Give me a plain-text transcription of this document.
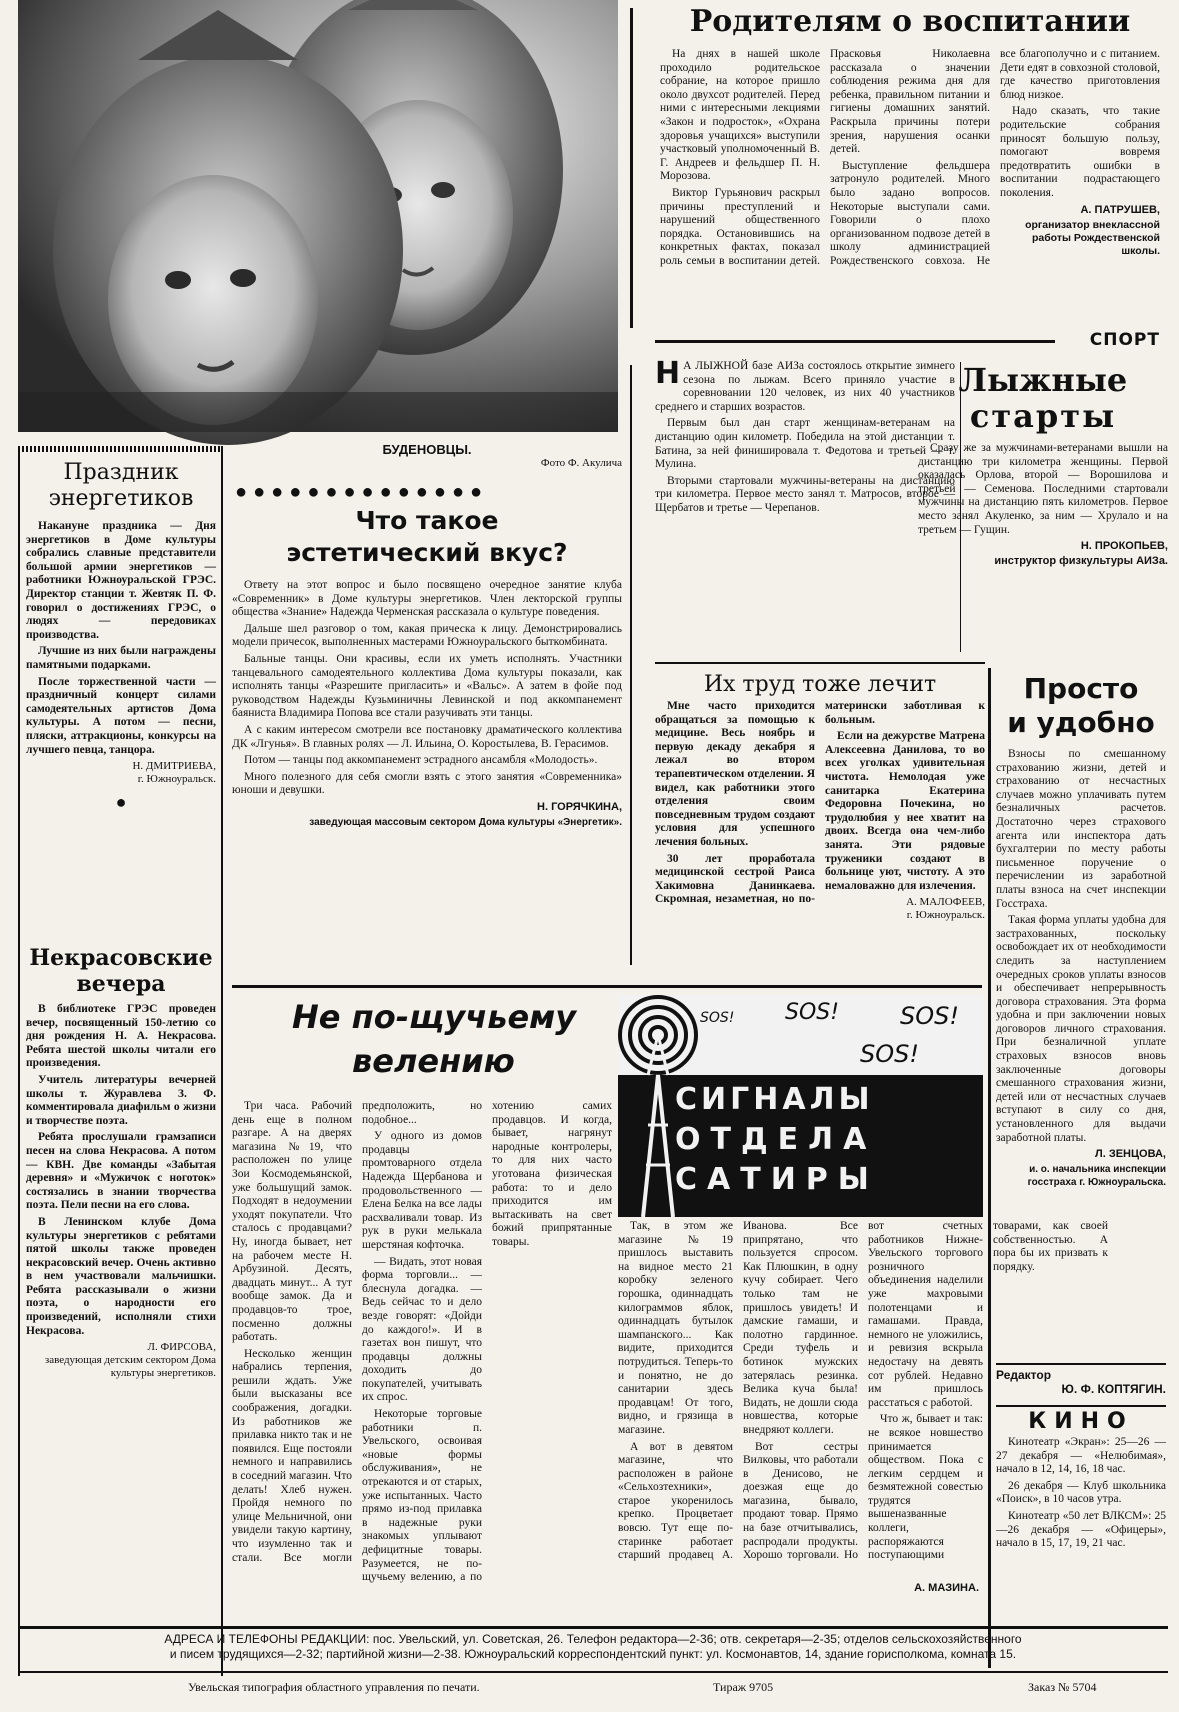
Родителям о воспитании

На днях в нашей школе проходило родительское собрание, на которое пришло около двухсот родителей. Перед ними с интересными лекциями «Закон и подросток», «Охрана здоровья учащихся» выступили участковый уполномоченный В. Г. Андреев и фельдшер П. Н. Морозова.

Виктор Гурьянович раскрыл причины преступлений и нарушений общественного порядка. Остановившись на конкретных фактах, показал роль семьи в воспитании детей. Прасковья Николаевна рассказала о значении соблюдения режима дня для ребенка, правильном питании и гигиены домашних занятий. Раскрыла причины потери зрения, нарушения осанки детей.

Выступление фельдшера затронуло родителей. Много было задано вопросов. Некоторые выступали сами. Говорили о плохо организованном подвозе детей в школу администрацией Рождественского совхоза. Не все благополучно и с питанием. Дети едят в совхозной столовой, где качество приготовления блюд низкое.

Надо сказать, что такие родительские собрания приносят большую пользу, помогают вовремя предотвратить ошибки в воспитании подрастающего поколения.

А. ПАТРУШЕВ,

организатор внеклассной работы Рождественской школы.

СПОРТ
Н А ЛЫЖНОЙ базе АИЗа состоялось открытие зимнего сезона по лыжам. Всего приняло участие в соревновании 120 человек, из них 40 участников среднего и старших возрастов.

Первым был дан старт женщинам-ветеранам на дистанцию один километр. Победила на этой дистанции т. Батина, за ней финишировала т. Федотова и третьей — т. Мулина.

Вторыми стартовали мужчины-ветераны на дистанцию три километра. Первое место занял т. Матросов, второе — Щербатов и третье — Черепанов.

Лыжные
старты

Сразу же за мужчинами-ветеранами вышли на дистанцию три километра женщины. Первой оказалась Орлова, второй — Ворошилова и третьей — Семенова. Последними стартовали мужчины на дистанцию пять километров. Первое место занял Акуленко, за ним — Хрулало и на третьем — Гущин.

Н. ПРОКОПЬЕВ,

инструктор физкультуры АИЗа.

Праздник энергетиков

Накануне праздника — Дня энергетиков в Доме культуры собрались славные представители большой армии энергетиков — работники Южноуральской ГРЭС. Директор станции т. Жевтяк П. Ф. говорил о достижениях ГРЭС, о людях — передовиках производства.

Лучшие из них были награждены памятными подарками.

После торжественной части — праздничный концерт силами самодеятельных артистов Дома культуры. А потом — песни, пляски, аттракционы, конкурсы на лучшего певца, танцора.

Н. ДМИТРИЕВА,

г. Южноуральск.

●
Некрасовские вечера

В библиотеке ГРЭС проведен вечер, посвященный 150-летию со дня рождения Н. А. Некрасова. Ребята шестой школы читали его произведения.

Учитель литературы вечерней школы т. Журавлева З. Ф. комментировала диафильм о жизни и творчестве поэта.

Ребята прослушали грамзаписи песен на слова Некрасова. А потом — КВН. Две команды «Забытая деревня» и «Мужичок с ноготок» состязались в знании творчества поэта. Пели песни на его слова.

В Ленинском клубе Дома культуры энергетиков с ребятами пятой школы также проведен некрасовский вечер. Очень активно в нем участвовали мальчишки. Ребята рассказывали о жизни поэта, о народности его произведений, исполняли стихи Некрасова.

Л. ФИРСОВА,

заведующая детским сектором Дома культуры энергетиков.

БУДЕНОВЦЫ.
Фото Ф. Акулича
●●●●●●●●●●●●●●
Что такое
эстетический вкус?

Ответу на этот вопрос и было посвящено очередное занятие клуба «Современник» в Доме культуры энергетиков. Член лекторской группы общества «Знание» Надежда Черменская рассказала о культуре поведения.

Дальше шел разговор о том, какая прическа к лицу. Демонстрировались модели причесок, выполненных мастерами Южноуральского быткомбината.

Бальные танцы. Они красивы, если их уметь исполнять. Участники танцевального самодеятельного коллектива Дома культуры показали, как исполнять танцы «Разрешите пригласить» и «Вальс». А затем в фойе под руководством Надежды Кузьминичны Левинской и под аккомпанемент баяниста Владимира Попова все стали разучивать эти танцы.

А с каким интересом смотрели все постановку драматического коллектива ДК «Лгунья». В главных ролях — Л. Ильина, О. Коростылева, В. Герасимов.

Потом — танцы под аккомпанемент эстрадного ансамбля «Молодость».

Много полезного для себя смогли взять с этого занятия «Современника» юноши и девушки.

Н. ГОРЯЧКИНА,

заведующая массовым сектором Дома культуры «Энергетик».

Их труд тоже лечит

Мне часто приходится обращаться за помощью к медицине. Весь ноябрь и первую декаду декабря я лежал во втором терапевтическом отделении. Я видел, как работники этого отделения своим повседневным трудом создают условия для успешного лечения больных.

30 лет проработала медицинской сестрой Раиса Хакимовна Данинкаева. Скромная, незаметная, но по-матерински заботливая к больным.

Если на дежурстве Матрена Алексеевна Данилова, то во всех уголках удивительная чистота. Немолодая уже санитарка Екатерина Федоровна Почекина, но трудолюбия у нее хватит на двоих. Всегда она чем-либо занята. Эти рядовые труженики создают в больнице уют, чистоту. А это немаловажно для излечения.

А. МАЛОФЕЕВ,

г. Южноуральск.

Просто
и удобно

Взносы по смешанному страхованию жизни, детей и страхованию от несчастных случаев можно уплачивать путем безналичных расчетов. Достаточно через страхового агента или инспектора дать бухгалтерии по месту работы письменное поручение о перечислении из заработной платы взноса на счет инспекции Госстраха.

Такая форма уплаты удобна для застрахованных, поскольку освобождает их от необходимости следить за наступлением очередных сроков уплаты взносов и обеспечивает непрерывность договора страхования. Эта форма удобна и при заключении новых договоров личного страхования. При безналичной уплате страховых взносов вновь заключенные договоры смешанного страхования жизни, детей или от несчастных случаев вступают в силу со дня, установленного для выдачи заработной платы.

Л. ЗЕНЦОВА,

и. о. начальника инспекции госстраха г. Южноуральска.

Редактор
Ю. Ф. КОПТЯГИН.
КИНО

Кинотеатр «Экран»: 25—26 — 27 декабря — «Нелюбимая», начало в 12, 14, 16, 18 час.

26 декабря — Клуб школьника «Поиск», в 10 часов утра.

Кинотеатр «50 лет ВЛКСМ»: 25—26 декабря — «Офицеры», начало в 15, 17, 19, 21 час.

Не по-щучьему
велению
SOS! SOS!	SOS!
SOS!
СИГНАЛЫ
ОТДЕЛА
САТИРЫ

Три часа. Рабочий день еще в полном разгаре. А на дверях магазина №19, что расположен по улице Зои Космодемьянской, уже большущий замок. Подходят в недоумении уходят покупатели. Что сталось с продавцами? Ну, иногда бывает, нет на рабочем месте Н. Арбузиной. Десять, двадцать минут... А тут вообще замок. Да и продавцов-то трое, посменно должны работать.

Несколько женщин набрались терпения, решили ждать. Уже были высказаны все соображения, догадки. Из работников же прилавка никто так и не появился. Еще постояли немного и направились в соседний магазин. Что делать! Хлеб нужен. Пройдя немного по улице Мельничной, они увидели такую картину, что изумленно так и стали. Все могли предположить, но подобное...

У одного из домов продавцы промтоварного отдела Надежда Щербанова и продовольственного — Елена Белка на все лады расхваливали товар. Из рук в руки мелькала шерстяная кофточка.

— Видать, этот новая форма торговли... — блеснула догадка. — Ведь сейчас то и дело везде говорят: «Дойди до каждого!». И в газетах вон пишут, что продавцы должны доходить до покупателей, учитывать их спрос.

Некоторые торговые работники п. Увельского, освоивая «новые формы обслуживания», не отрекаются и от старых, уже испытанных. Часто прямо из-под прилавка в надежные руки знакомых уплывают дефицитные товары. Разумеется, не по-щучьему велению, а по хотению самих продавцов. И когда, бывает, нагрянут народные контролеры, то для них часто уготована физическая работа: то и дело приходится им вытаскивать на свет божий припрятанные товары.

Так, в этом же магазине №19 пришлось выставить на видное место 21 коробку зеленого горошка, одиннадцать килограммов яблок, одиннадцать бутылок шампанского... Как видите, приходится потрудиться. Теперь-то и понятно, не до санитарии здесь продавцам! От того, видно, и грязища в магазине.

А вот в девятом магазине, что расположен в районе «Сельхозтехники», старое укоренилось крепко. Процветает вовсю. Тут еще по-старинке работает старший продавец А. Иванова. Все припрятано, что пользуется спросом. Как Плюшкин, в одну кучу собирает. Чего только там не пришлось увидеть! И дамские гамаши, и полотно гардинное. Среди туфель и ботинок мужских затерялась резинка. Велика куча была! Видать, не дошли сюда новшества, которые внедряют коллеги.

Вот сестры Вилковы, что работали в Денисово, не доезжая еще до магазина, бывало, продают товар. Прямо на базе отчитывались, распродали продукты. Хорошо торговали. Но вот счетных работников Нижне-Увельского торгового розничного объединения наделили уже махровыми полотенцами и гамашами. Правда, немного не уложились, и ревизия вскрыла недостачу на девять сот рублей. Недавно им пришлось расстаться с работой.

Что ж, бывает и так: не всякое новшество принимается обществом. Пока с легким сердцем и безмятежной совестью трудятся вышеназванные коллеги, распоряжаются поступающими товарами, как своей собственностью. А пора бы их призвать к порядку.

А. МАЗИНА.

АДРЕСА И ТЕЛЕФОНЫ РЕДАКЦИИ: пос. Увельский, ул. Советская, 26. Телефон редактора—2-36; отв. секретаря—2-35; отделов сельскохозяйственного

и писем трудящихся—2-32; партийной жизни—2-38. Южноуральский корреспондентский пункт: ул. Космонавтов, 14, здание горисполкома, комната 15.

Увельская типография областного управления по печати.	Тираж 9705	Заказ № 5704
